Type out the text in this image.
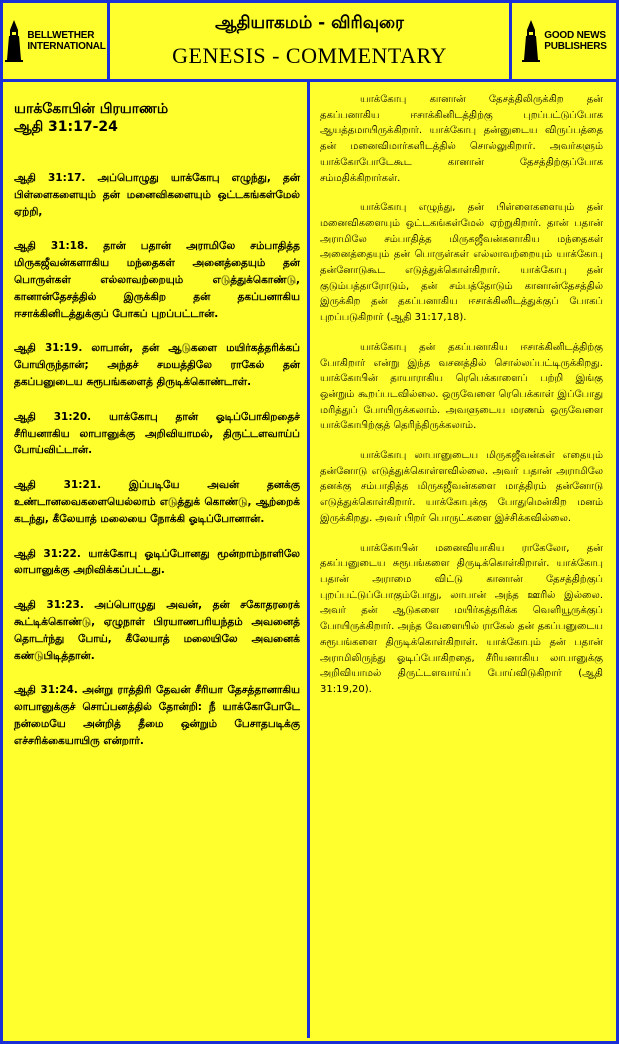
BELLWETHER
INTERNATIONAL
ஆதியாகமம் - விரிவுரை
GENESIS - COMMENTARY
GOOD NEWS
PUBLISHERS
யாக்கோபின் பிரயாணம்
ஆதி 31:17-24
ஆதி 31:17. அப்பொழுது யாக்கோபு எழுந்து, தன் பிள்ளைகளையும் தன் மனைவிகளையும் ஒட்டகங்கள்மேல் ஏற்றி,
ஆதி 31:18. தான் பதான் அராமிலே சம்பாதித்த மிருகஜீவன்களாகிய மந்தைகள் அனைத்தையும் தன் பொருள்கள் எல்லாவற்றையும் எடுத்துக்கொண்டு, கானான்தேசத்தில் இருக்கிற தன் தகப்பனாகிய ஈசாக்கினிடத்துக்குப் போகப் புறப்பட்டான்.
ஆதி 31:19. லாபான், தன் ஆடுகளை மயிர்கத்தரிக்கப் போயிருந்தான்; அந்தச் சமயத்திலே ராகேல் தன் தகப்பனுடைய சுரூபங்களைத் திருடிக்கொண்டாள்.
ஆதி 31:20. யாக்கோபு தான் ஓடிப்போகிறதைச் சீரியனாகிய லாபானுக்கு அறிவியாமல், திருட்டளவாய்ப் போய்விட்டான்.
ஆதி 31:21. இப்படியே அவன் தனக்கு உண்டானவைகளையெல்லாம் எடுத்துக் கொண்டு, ஆற்றைக் கடந்து, கீலேயாத் மலையை நோக்கி ஓடிப்போனான்.
ஆதி 31:22. யாக்கோபு ஓடிப்போனது மூன்றாம்நாளிலே லாபானுக்கு அறிவிக்கப்பட்டது.
ஆதி 31:23. அப்பொழுது அவன், தன் சகோதரரைக் கூட்டிக்கொண்டு, ஏழுநாள் பிரயாணபரியந்தம் அவனைத் தொடர்ந்து போய், கீலேயாத் மலையிலே அவனைக் கண்டுபிடித்தான்.
ஆதி 31:24. அன்று ராத்திரி தேவன் சீரியா தேசத்தானாகிய லாபானுக்குச் சொப்பனத்தில் தோன்றி: நீ யாக்கோபோடே நன்மையே அன்றித் தீமை ஒன்றும் பேசாதபடிக்கு எச்சரிக்கையாயிரு என்றார்.
யாக்கோபு கானான் தேசத்திலிருக்கிற தன் தகப்பனாகிய ஈசாக்கினிடத்திற்கு புறப்பட்டுப்போக ஆயத்தமாயிருக்கிறார். யாக்கோபு தன்னுடைய விருப்பத்தை தன் மனைவிமார்களிடத்தில் சொல்லுகிறார். அவர்களும் யாக்கோபோடேகூட கானான் தேசத்திற்குப்போக சம்மதிக்கிறார்கள்.
யாக்கோபு எழுந்து, தன் பிள்ளைகளையும் தன் மனைவிகளையும் ஒட்டகங்கள்மேல் ஏற்றுகிறார். தான் பதான் அராமிலே சம்பாதித்த மிருகஜீவன்களாகிய மந்தைகள் அனைத்தையும் தன் பொருள்கள் எல்லாவற்றையும் யாக்கோபு தன்னோடுகூட எடுத்துக்கொள்கிறார். யாக்கோபு தன் குடும்பத்தாரோடும், தன் சம்பத்தோடும் கானான்தேசத்தில் இருக்கிற தன் தகப்பனாகிய ஈசாக்கினிடத்துக்குப் போகப் புறப்படுகிறார் (ஆதி 31:17,18).
யாக்கோபு தன் தகப்பனாகிய ஈசாக்கினிடத்திற்கு போகிறார் என்று இந்த வசனத்தில் சொல்லப்பட்டிருக்கிறது. யாக்கோபின் தாயாராகிய ரெபெக்காளைப் பற்றி இங்கு ஒன்றும் கூறப்படவில்லை. ஒருவேளை ரெபெக்காள் இப்போது மரித்துப் போயிருக்கலாம். அவளுடைய மரணம் ஒருவேளை யாக்கோபிற்குத் தெரிந்திருக்கலாம்.
யாக்கோபு லாபானுடைய மிருகஜீவன்கள் எதையும் தன்னோடு எடுத்துக்கொள்ளவில்லை. அவர் பதான் அராமிலே தனக்கு சம்பாதித்த மிருகஜீவன்களை மாத்திரம் தன்னோடு எடுத்துக்கொள்கிறார். யாக்கோபுக்கு போதுமென்கிற மனம் இருக்கிறது. அவர் பிறர் பொருட்களை இச்சிக்கவில்லை.
யாக்கோபின் மனைவியாகிய ராகேலோ, தன் தகப்பனுடைய சுரூபங்களை திருடிக்கொள்கிறாள். யாக்கோபு பதான் அராமை விட்டு கானான் தேசத்திற்குப் புறப்பட்டுப்போகும்போது, லாபான் அந்த ஊரில் இல்லை. அவர் தன் ஆடுகளை மயிர்கத்தரிக்க வெளியூருக்குப் போயிருக்கிறார். அந்த வேளையில் ராகேல் தன் தகப்பனுடைய சுரூபங்களை திருடிக்கொள்கிறாள். யாக்கோபும் தன் பதான் அராமிலிருந்து ஓடிப்போகிறதை, சீரியனாகிய லாபானுக்கு அறிவியாமல் திருட்டளவாய்ப் போய்விடுகிறார் (ஆதி 31:19,20).
